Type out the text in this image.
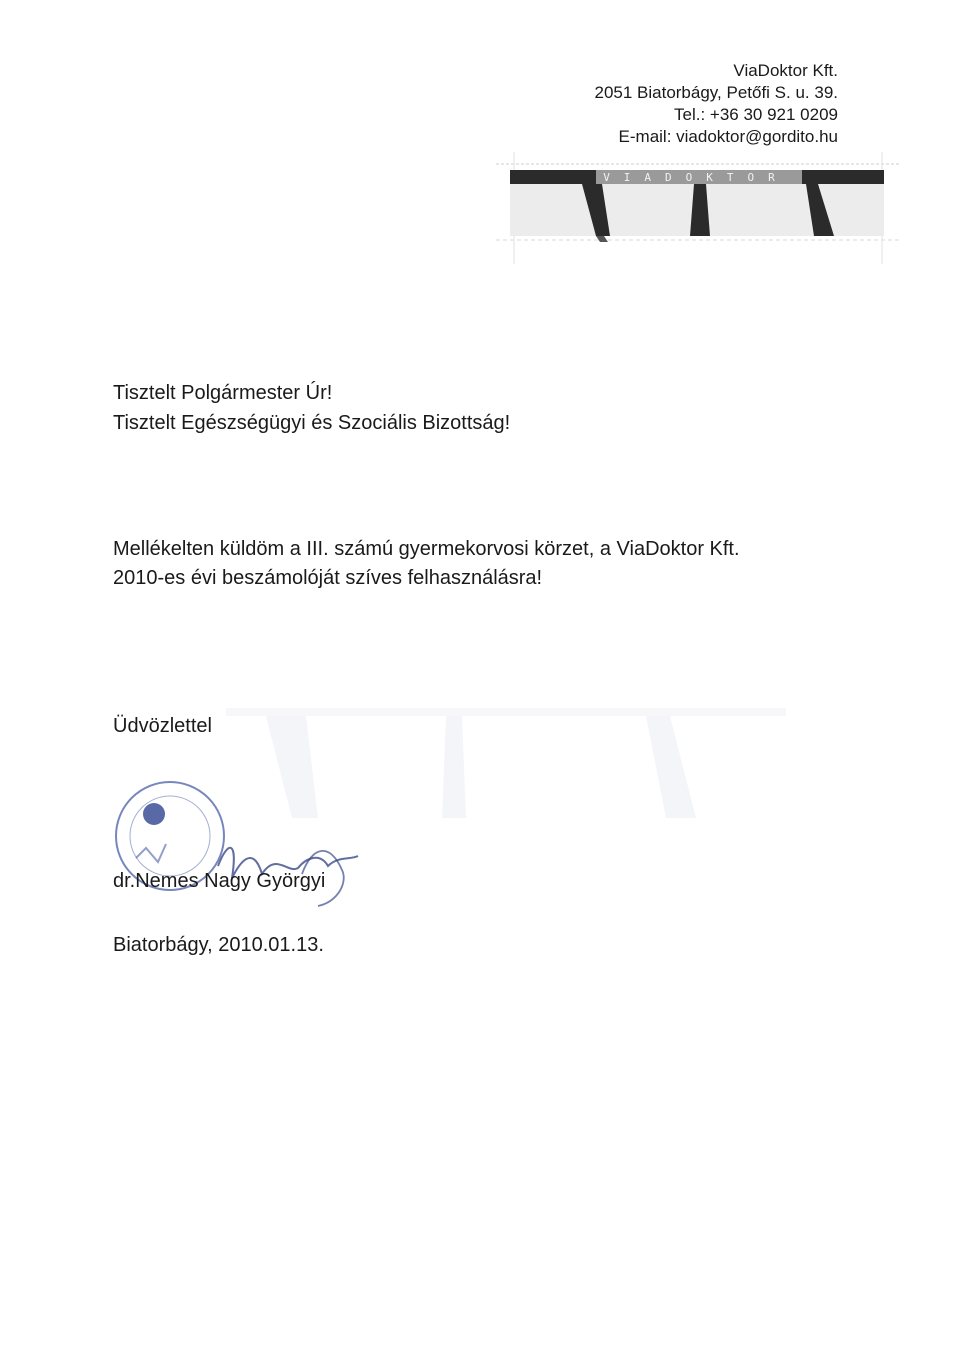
ViaDoktor Kft.
2051 Biatorbágy, Petőfi S. u. 39.
Tel.: +36 30 921 0209
E-mail: viadoktor@gordito.hu
VIADOKTOR
Tisztelt Polgármester Úr!
Tisztelt Egészségügyi és Szociális Bizottság!
Mellékelten küldöm a III. számú gyermekorvosi körzet, a ViaDoktor Kft.
2010-es évi beszámolóját szíves felhasználásra!
Üdvözlettel
dr.Nemes Nagy Györgyi
Biatorbágy, 2010.01.13.
